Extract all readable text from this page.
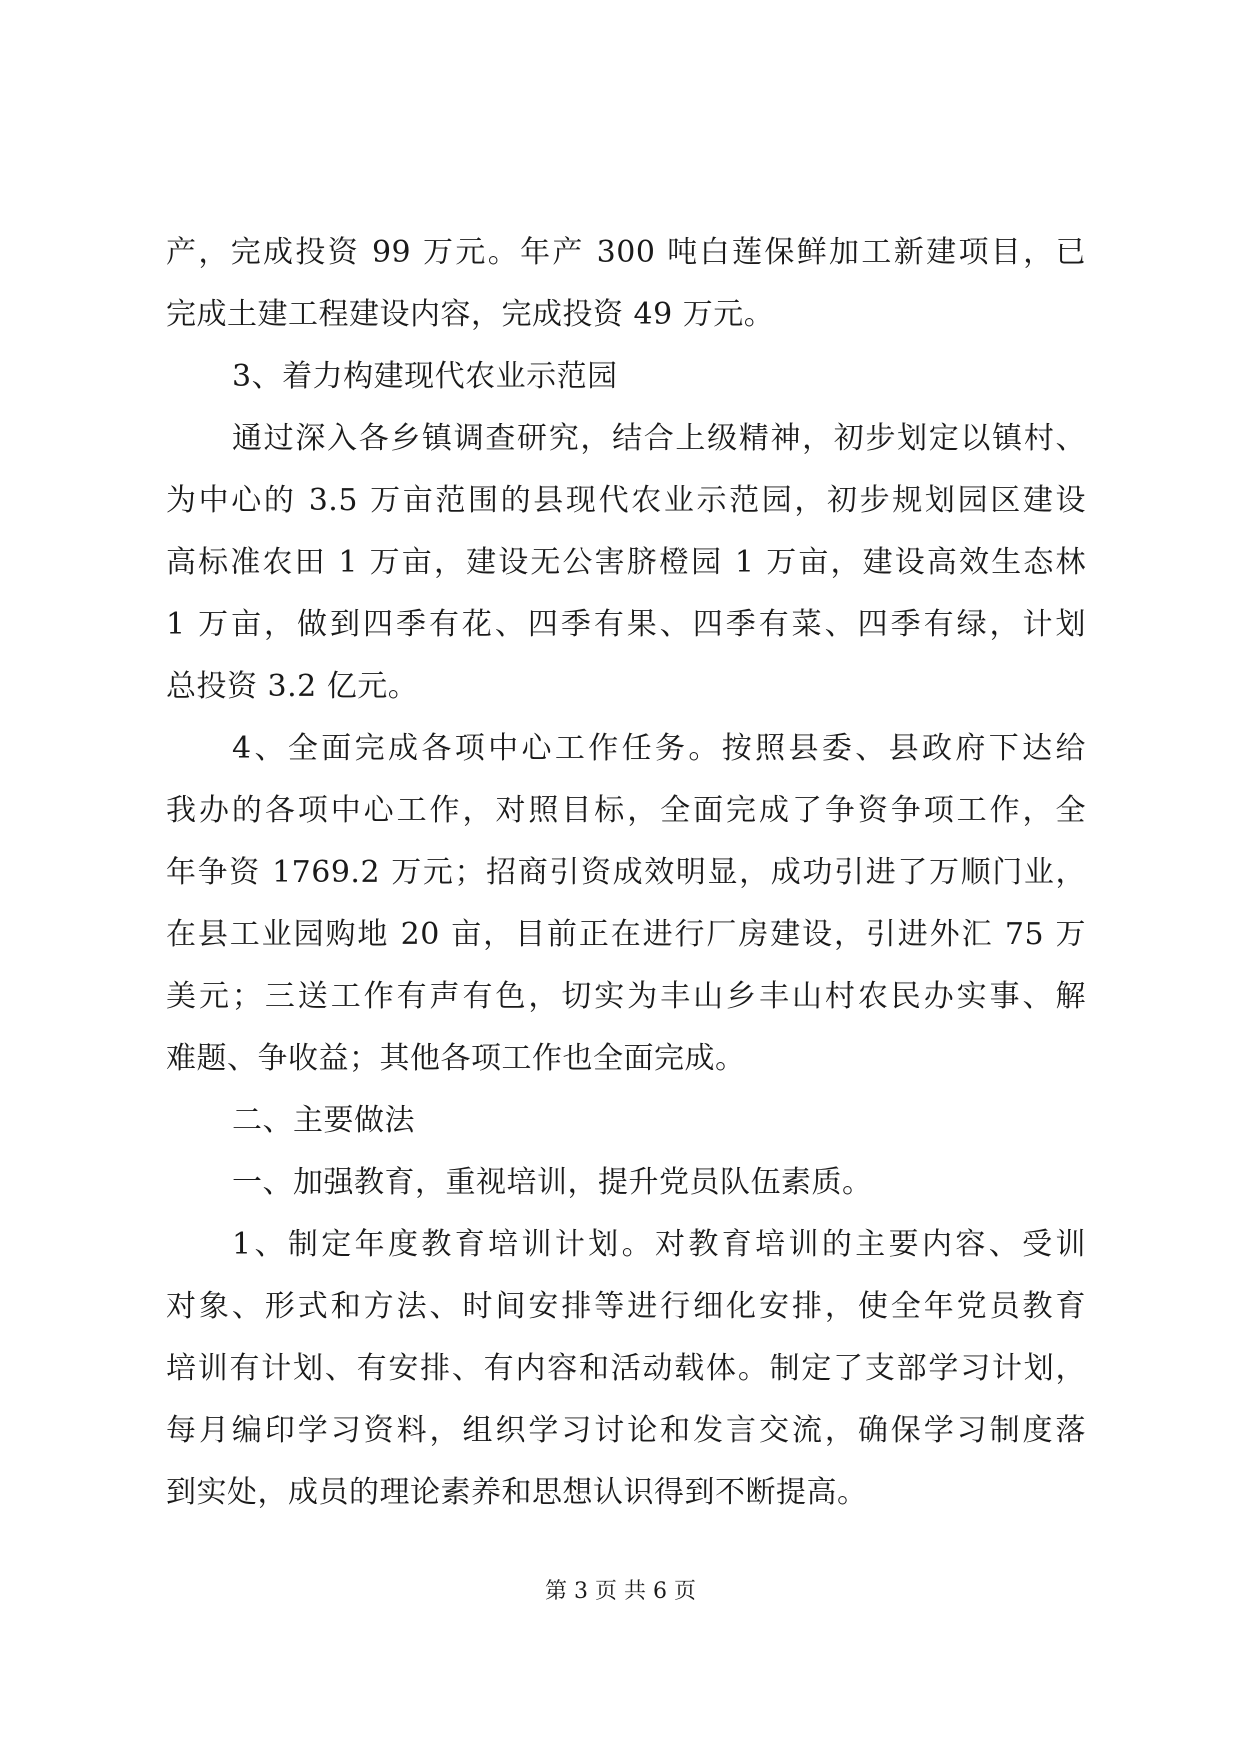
产，完成投资 99 万元。年产 300 吨白莲保鲜加工新建项目，已
完成土建工程建设内容，完成投资 49 万元。
3、着力构建现代农业示范园
通过深入各乡镇调查研究，结合上级精神，初步划定以镇村、
为中心的 3.5 万亩范围的县现代农业示范园，初步规划园区建设
高标准农田 1 万亩，建设无公害脐橙园 1 万亩，建设高效生态林
1 万亩，做到四季有花、四季有果、四季有菜、四季有绿，计划
总投资 3.2 亿元。
4、全面完成各项中心工作任务。按照县委、县政府下达给
我办的各项中心工作，对照目标，全面完成了争资争项工作，全
年争资 1769.2 万元；招商引资成效明显，成功引进了万顺门业，
在县工业园购地 20 亩，目前正在进行厂房建设，引进外汇 75 万
美元；三送工作有声有色，切实为丰山乡丰山村农民办实事、解
难题、争收益；其他各项工作也全面完成。
二、主要做法
一、加强教育，重视培训，提升党员队伍素质。
1、制定年度教育培训计划。对教育培训的主要内容、受训
对象、形式和方法、时间安排等进行细化安排，使全年党员教育
培训有计划、有安排、有内容和活动载体。制定了支部学习计划，
每月编印学习资料，组织学习讨论和发言交流，确保学习制度落
到实处，成员的理论素养和思想认识得到不断提高。
第 3 页 共 6 页
